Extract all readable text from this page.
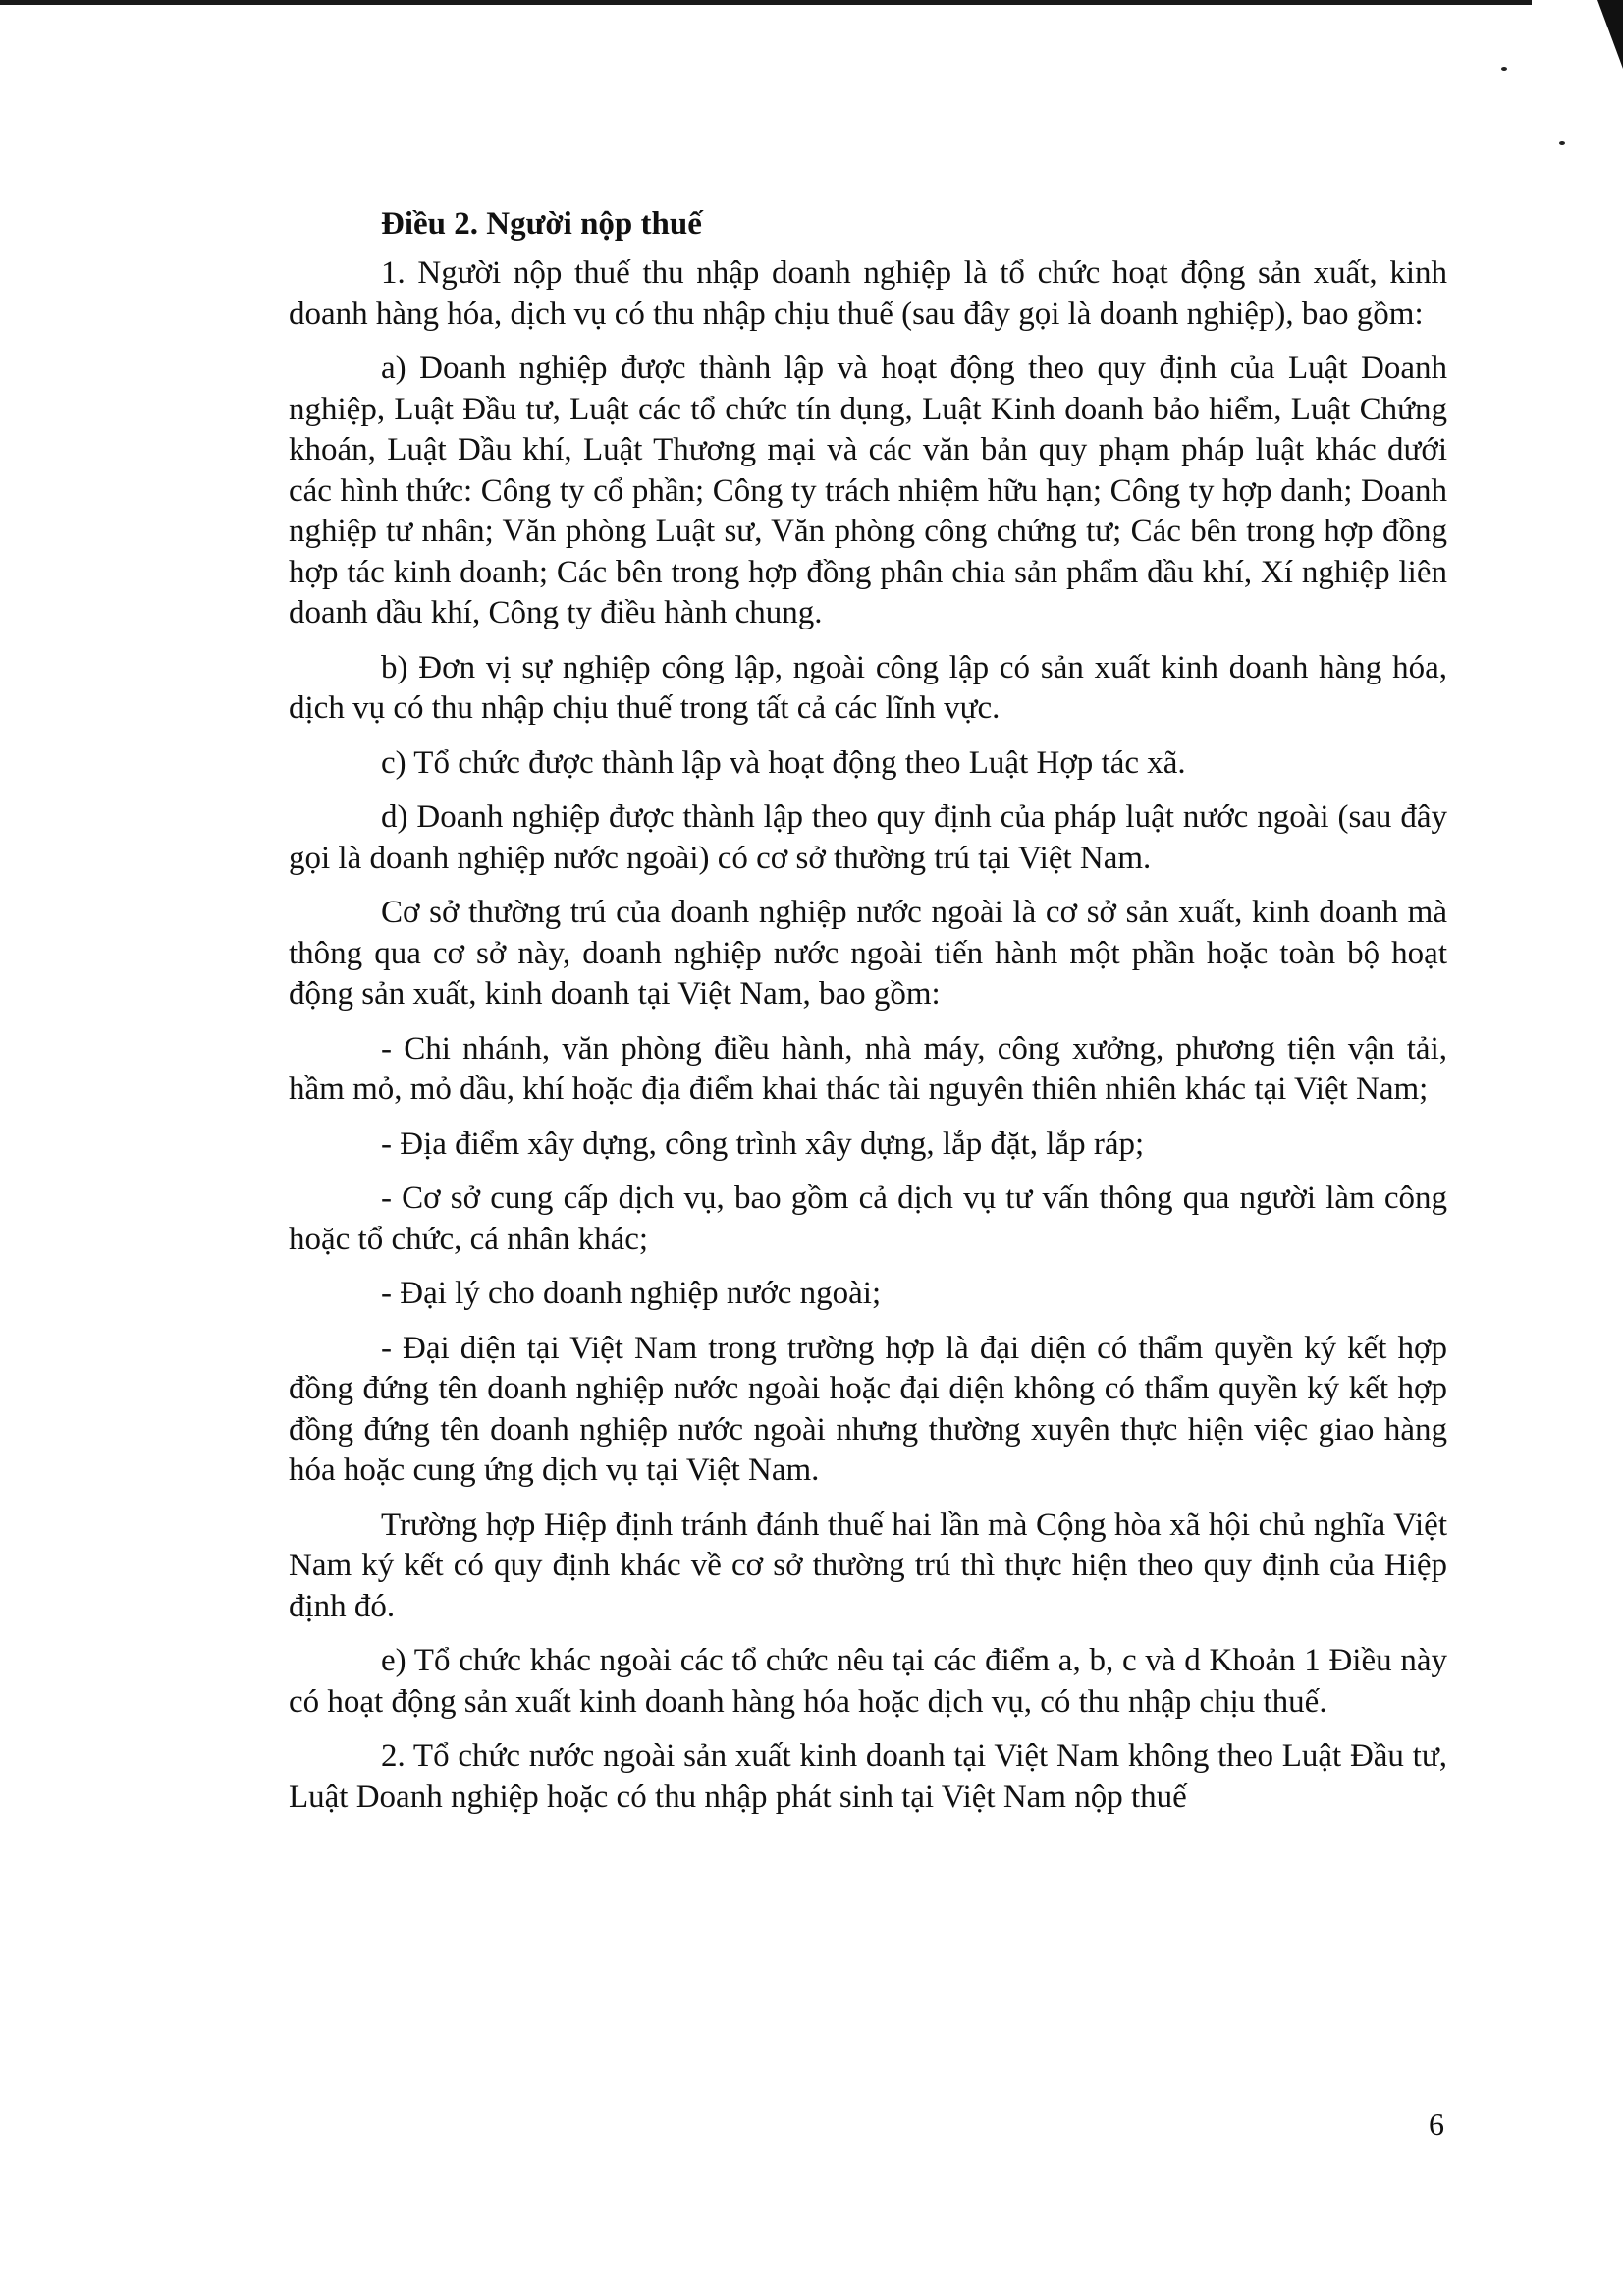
Điều 2. Người nộp thuế

1. Người nộp thuế thu nhập doanh nghiệp là tổ chức hoạt động sản xuất, kinh doanh hàng hóa, dịch vụ có thu nhập chịu thuế (sau đây gọi là doanh nghiệp), bao gồm:

a) Doanh nghiệp được thành lập và hoạt động theo quy định của Luật Doanh nghiệp, Luật Đầu tư, Luật các tổ chức tín dụng, Luật Kinh doanh bảo hiểm, Luật Chứng khoán, Luật Dầu khí, Luật Thương mại và các văn bản quy phạm pháp luật khác dưới các hình thức: Công ty cổ phần; Công ty trách nhiệm hữu hạn; Công ty hợp danh; Doanh nghiệp tư nhân; Văn phòng Luật sư, Văn phòng công chứng tư; Các bên trong hợp đồng hợp tác kinh doanh; Các bên trong hợp đồng phân chia sản phẩm dầu khí, Xí nghiệp liên doanh dầu khí, Công ty điều hành chung.

b) Đơn vị sự nghiệp công lập, ngoài công lập có sản xuất kinh doanh hàng hóa, dịch vụ có thu nhập chịu thuế trong tất cả các lĩnh vực.

c) Tổ chức được thành lập và hoạt động theo Luật Hợp tác xã.

d) Doanh nghiệp được thành lập theo quy định của pháp luật nước ngoài (sau đây gọi là doanh nghiệp nước ngoài) có cơ sở thường trú tại Việt Nam.

Cơ sở thường trú của doanh nghiệp nước ngoài là cơ sở sản xuất, kinh doanh mà thông qua cơ sở này, doanh nghiệp nước ngoài tiến hành một phần hoặc toàn bộ hoạt động sản xuất, kinh doanh tại Việt Nam, bao gồm:

- Chi nhánh, văn phòng điều hành, nhà máy, công xưởng, phương tiện vận tải, hầm mỏ, mỏ dầu, khí hoặc địa điểm khai thác tài nguyên thiên nhiên khác tại Việt Nam;

- Địa điểm xây dựng, công trình xây dựng, lắp đặt, lắp ráp;

- Cơ sở cung cấp dịch vụ, bao gồm cả dịch vụ tư vấn thông qua người làm công hoặc tổ chức, cá nhân khác;

- Đại lý cho doanh nghiệp nước ngoài;

- Đại diện tại Việt Nam trong trường hợp là đại diện có thẩm quyền ký kết hợp đồng đứng tên doanh nghiệp nước ngoài hoặc đại diện không có thẩm quyền ký kết hợp đồng đứng tên doanh nghiệp nước ngoài nhưng thường xuyên thực hiện việc giao hàng hóa hoặc cung ứng dịch vụ tại Việt Nam.

Trường hợp Hiệp định tránh đánh thuế hai lần mà Cộng hòa xã hội chủ nghĩa Việt Nam ký kết có quy định khác về cơ sở thường trú thì thực hiện theo quy định của Hiệp định đó.

e) Tổ chức khác ngoài các tổ chức nêu tại các điểm a, b, c và d Khoản 1 Điều này có hoạt động sản xuất kinh doanh hàng hóa hoặc dịch vụ, có thu nhập chịu thuế.

2. Tổ chức nước ngoài sản xuất kinh doanh tại Việt Nam không theo Luật Đầu tư, Luật Doanh nghiệp hoặc có thu nhập phát sinh tại Việt Nam nộp thuế

6
